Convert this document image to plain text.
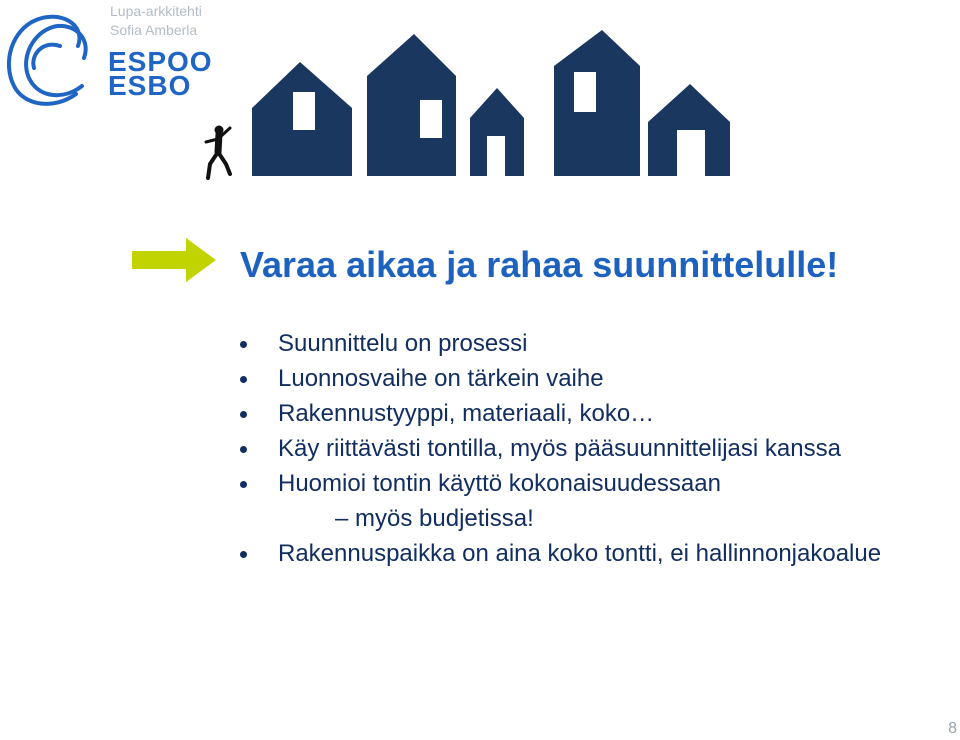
Lupa-arkkitehti
Sofia Amberla
ESPOO
ESBO
Varaa aikaa ja rahaa suunnittelulle!
Suunnittelu on prosessi
Luonnosvaihe on tärkein vaihe
Rakennustyyppi, materiaali, koko…
Käy riittävästi tontilla, myös pääsuunnittelijasi kanssa
Huomioi tontin käyttö kokonaisuudessaan
– myös budjetissa!
Rakennuspaikka on aina koko tontti, ei hallinnonjakoalue
8
